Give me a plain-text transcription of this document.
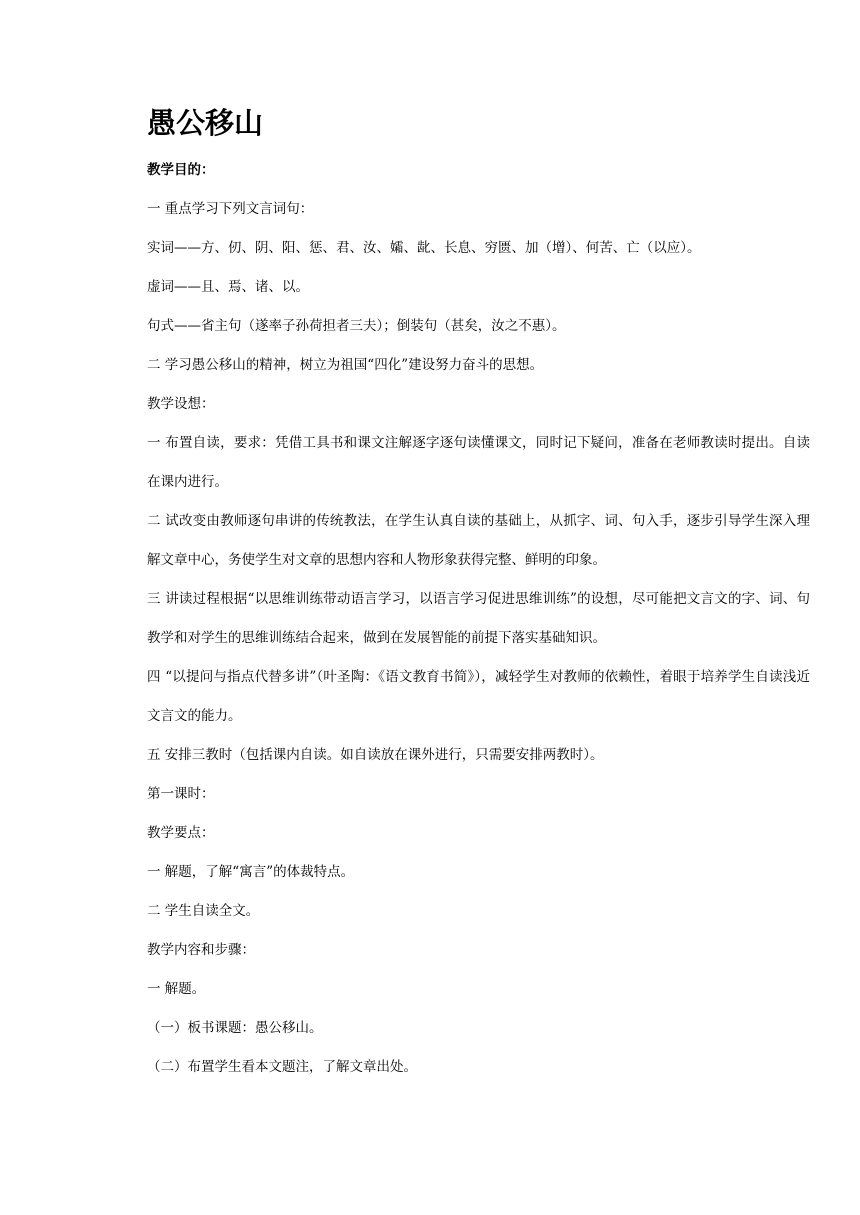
愚公移山

教学目的：

一 重点学习下列文言词句：

实词——方、仞、阴、阳、惩、君、汝、孀、龀、长息、穷匮、加（增）、何苦、亡（以应）。

虚词——且、焉、诸、以。

句式——省主句（遂率子孙荷担者三夫）；倒装句（甚矣，汝之不惠）。

二 学习愚公移山的精神，树立为祖国“四化”建设努力奋斗的思想。

教学设想：

一 布置自读，要求：凭借工具书和课文注解逐字逐句读懂课文，同时记下疑问，准备在老师教读时提出。自读在课内进行。

二 试改变由教师逐句串讲的传统教法，在学生认真自读的基础上，从抓字、词、句入手，逐步引导学生深入理解文章中心，务使学生对文章的思想内容和人物形象获得完整、鲜明的印象。

三 讲读过程根据“以思维训练带动语言学习，以语言学习促进思维训练”的设想，尽可能把文言文的字、词、句教学和对学生的思维训练结合起来，做到在发展智能的前提下落实基础知识。

四 “以提问与指点代替多讲”（叶圣陶：《语文教育书简》），减轻学生对教师的依赖性，着眼于培养学生自读浅近文言文的能力。

五 安排三教时（包括课内自读。如自读放在课外进行，只需要安排两教时）。

第一课时：

教学要点：

一 解题，了解“寓言”的体裁特点。

二 学生自读全文。

教学内容和步骤：

一 解题。

（一）板书课题：愚公移山。

（二）布置学生看本文题注，了解文章出处。
